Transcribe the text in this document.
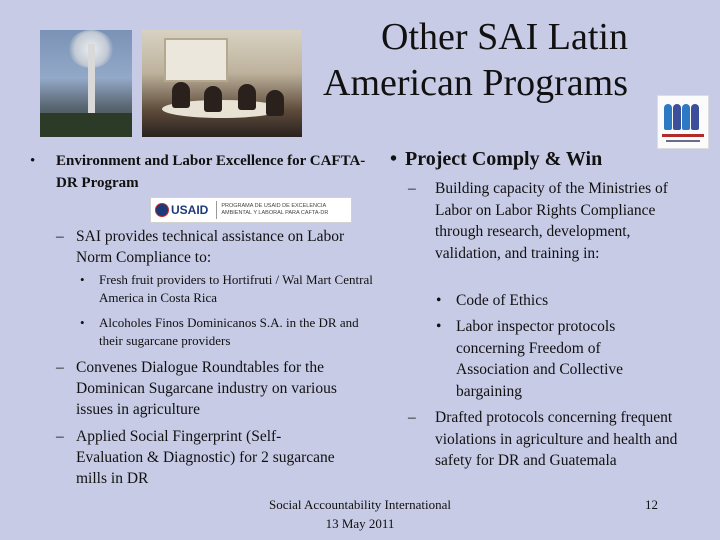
Other SAI Latin
American Programs
• Environment and Labor Excellence for CAFTA-DR Program
USAID PROGRAMA DE USAID DE EXCELENCIA
AMBIENTAL Y LABORAL PARA CAFTA-DR
– SAI provides technical assistance on Labor Norm Compliance to:
•	Fresh fruit providers to Hortifruti / Wal Mart Central America in Costa Rica
•	Alcoholes Finos Dominicanos S.A. in the DR and their sugarcane providers
– Convenes Dialogue Roundtables for the Dominican Sugarcane industry on various issues in agriculture
– Applied Social Fingerprint (Self-Evaluation & Diagnostic) for 2 sugarcane mills in DR
• Project Comply & Win
–	Building capacity of the Ministries of Labor on Labor Rights Compliance through research, development, validation, and training in:
• Code of Ethics
• Labor inspector protocols concerning Freedom of Association and Collective bargaining
–	Drafted protocols concerning frequent violations in agriculture and health and safety for DR and Guatemala
Social Accountability International
13 May 2011
12
